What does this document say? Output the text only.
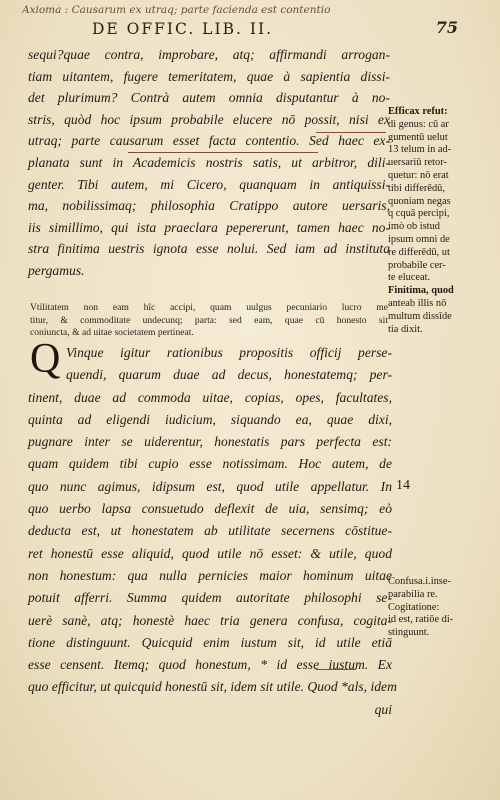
Axioma : Causarum ex utraq; parte facienda est contentio
DE OFFIC. LIB. II.	75
sequi?quae contra, improbare, atq; affirmandi arrogan-
tiam uitantem, fugere temeritatem, quae à sapientia dissi-
det plurimum? Contrà autem omnia disputantur à no-
stris, quòd hoc ipsum probabile elucere nō possit, nisi ex
utraq; parte causarum esset facta contentio. Sed haec ex-
planata sunt in Academicis nostris satis, ut arbitror, dili-
genter. Tibi autem, mi Cicero, quanquam in antiquissi-
ma, nobilissimaq; philosophia Cratippo autore uersaris,
iis simillimo, qui ista praeclara pepererunt, tamen haec no-
stra finitima uestris ignota esse nolui. Sed iam ad instituta
pergamus.
Vtilitatem non eam hîc accipi, quam uulgus pecuniario lucro me
titur, & commoditate undecunq; parta: sed eam, quae cū honesto sit
coniuncta, & ad uitae societatem pertineat.
Q Vinque igitur rationibus propositis officij perse-
quendi, quarum duae ad decus, honestatemq; per-
tinent, duae ad commoda uitae, copias, opes, facultates,
quinta ad eligendi iudicium, siquando ea, quae dixi,
pugnare inter se uiderentur, honestatis pars perfecta est:
quam quidem tibi cupio esse notissimam. Hoc autem, de
quo nunc agimus, idipsum est, quod utile appellatur. In
quo uerbo lapsa consuetudo deflexit de uia, sensimq; eò
deducta est, ut honestatem ab utilitate secernens cōstitue-
ret honestū esse aliquid, quod utile nō esset: & utile, quod
non honestum: qua nulla pernicies maior hominum uitae
potuit afferri. Summa quidem autoritate philosophi se-
uerè sanè, atq; honestè haec tria genera confusa, cogita-
tione distinguunt. Quicquid enim iustum sit, id utile etiā
esse censent. Itemq; quod honestum, * id esse iustum. Ex
quo efficitur, ut quicquid honestū sit, idem sit utile. Quod *als, idem
qui
Efficax refut:
di genus: cū ar
gumentū uelut
13 telum in ad-
uersariū retor-
quetur: nō erat
tibi differēdū,
quoniam negas
q cquā percipi,
imò ob istud
ipsum omni de
re differēdū, ut
probabile cer-
te eluceat.
Finitima, quod
anteab illis nō
multum dissīde
tia dixit.
14
Confusa.i.inse-
parabilia re.
Cogitatione:
id est, ratiōe di-
stinguunt.
